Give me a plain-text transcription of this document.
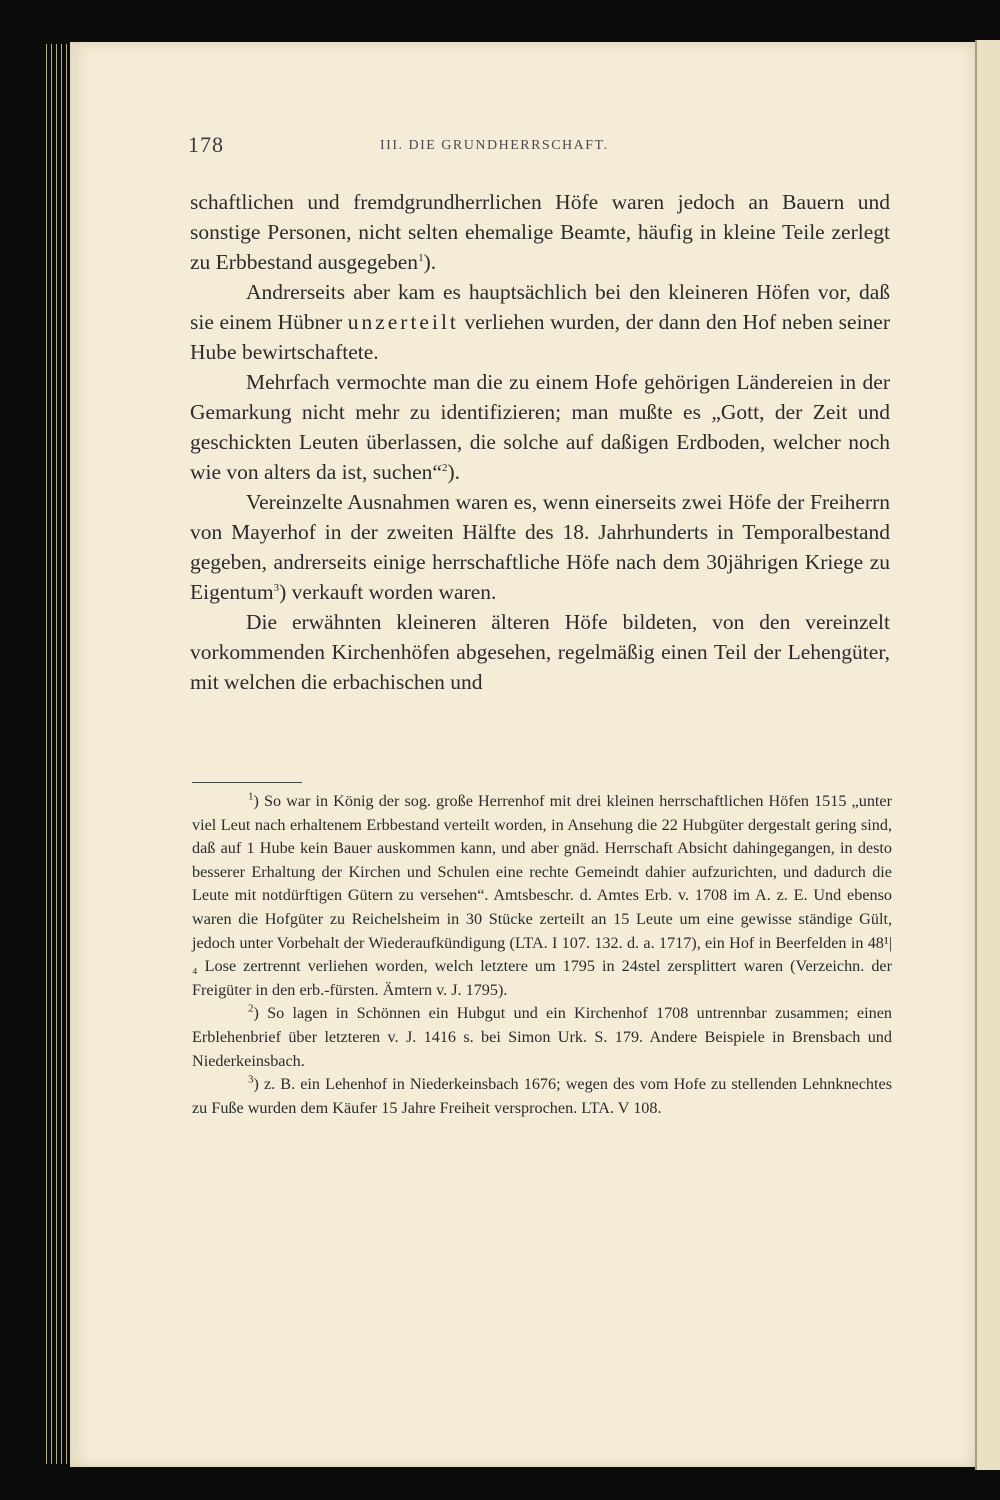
178	III. DIE GRUNDHERRSCHAFT.

schaftlichen und fremdgrundherrlichen Höfe waren jedoch an Bauern und sonstige Personen, nicht selten ehemalige Beamte, häufig in kleine Teile zerlegt zu Erbbestand ausgegeben$^1$).

Andrerseits aber kam es hauptsächlich bei den kleineren Höfen vor, daß sie einem Hübner unzerteilt verliehen wurden, der dann den Hof neben seiner Hube bewirtschaftete.

Mehrfach vermochte man die zu einem Hofe gehörigen Ländereien in der Gemarkung nicht mehr zu identifizieren; man mußte es „Gott, der Zeit und geschickten Leuten überlassen, die solche auf daßigen Erdboden, welcher noch wie von alters da ist, suchen“$^2$).

Vereinzelte Ausnahmen waren es, wenn einerseits zwei Höfe der Freiherrn von Mayerhof in der zweiten Hälfte des 18. Jahrhunderts in Temporalbestand gegeben, andrerseits einige herrschaftliche Höfe nach dem 30jährigen Kriege zu Eigentum$^3$) verkauft worden waren.

Die erwähnten kleineren älteren Höfe bildeten, von den vereinzelt vorkommenden Kirchenhöfen abgesehen, regelmäßig einen Teil der Lehengüter, mit welchen die erbachischen und

$^1$) So war in König der sog. große Herrenhof mit drei kleinen herrschaftlichen Höfen 1515 „unter viel Leut nach erhaltenem Erbbestand verteilt worden, in Ansehung die 22 Hubgüter dergestalt gering sind, daß auf 1 Hube kein Bauer auskommen kann, und aber gnäd. Herrschaft Absicht dahingegangen, in desto besserer Erhaltung der Kirchen und Schulen eine rechte Gemeindt dahier aufzurichten, und dadurch die Leute mit notdürftigen Gütern zu versehen“. Amtsbeschr. d. Amtes Erb. v. 1708 im A. z. E. Und ebenso waren die Hofgüter zu Reichelsheim in 30 Stücke zerteilt an 15 Leute um eine gewisse ständige Gült, jedoch unter Vorbehalt der Wiederaufkündigung (LTA. I 107. 132. d. a. 1717), ein Hof in Beerfelden in 48¹|₄ Lose zertrennt verliehen worden, welch letztere um 1795 in 24stel zersplittert waren (Verzeichn. der Freigüter in den erb.-fürsten. Ämtern v. J. 1795).

$^2$) So lagen in Schönnen ein Hubgut und ein Kirchenhof 1708 untrennbar zusammen; einen Erblehenbrief über letzteren v. J. 1416 s. bei Simon Urk. S. 179. Andere Beispiele in Brensbach und Niederkeinsbach.

$^3$) z. B. ein Lehenhof in Niederkeinsbach 1676; wegen des vom Hofe zu stellenden Lehnknechtes zu Fuße wurden dem Käufer 15 Jahre Freiheit versprochen. LTA. V 108.
